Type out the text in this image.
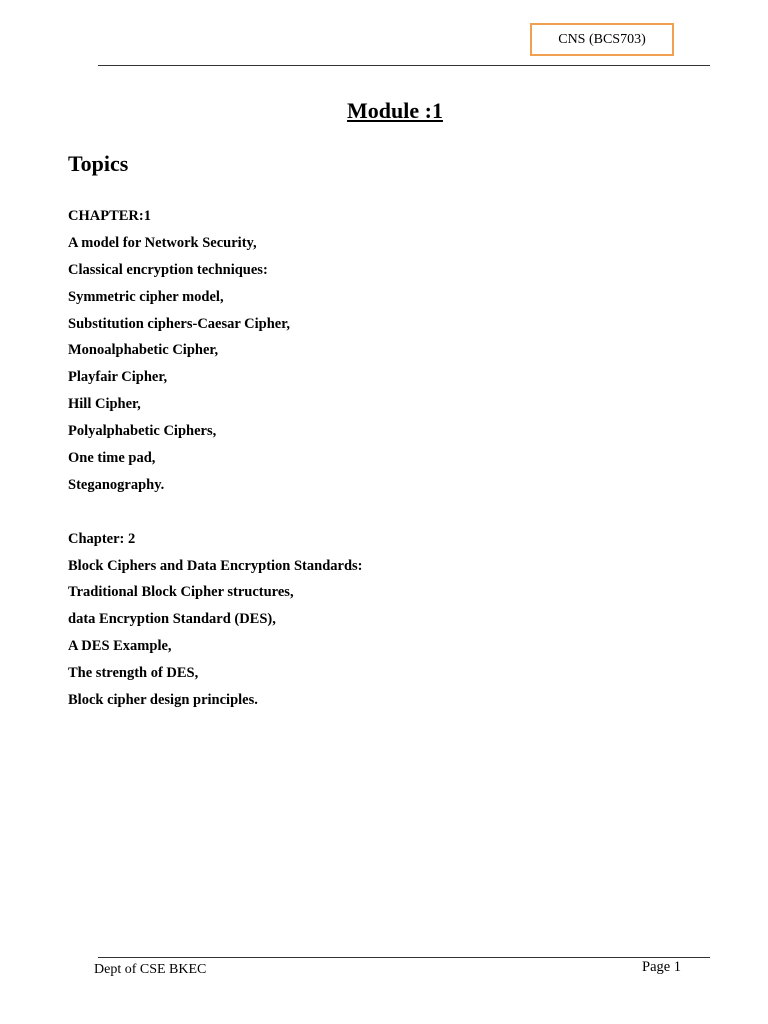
CNS (BCS703)
Module :1
Topics
CHAPTER:1
A model for Network Security,
Classical encryption techniques:
Symmetric cipher model,
Substitution ciphers-Caesar Cipher,
Monoalphabetic Cipher,
Playfair Cipher,
Hill Cipher,
Polyalphabetic Ciphers,
One time pad,
Steganography.
Chapter: 2
Block Ciphers and Data Encryption Standards:
Traditional Block Cipher structures,
data Encryption Standard (DES),
A DES Example,
The strength of DES,
Block cipher design principles.
Dept of CSE BKEC	Page 1
